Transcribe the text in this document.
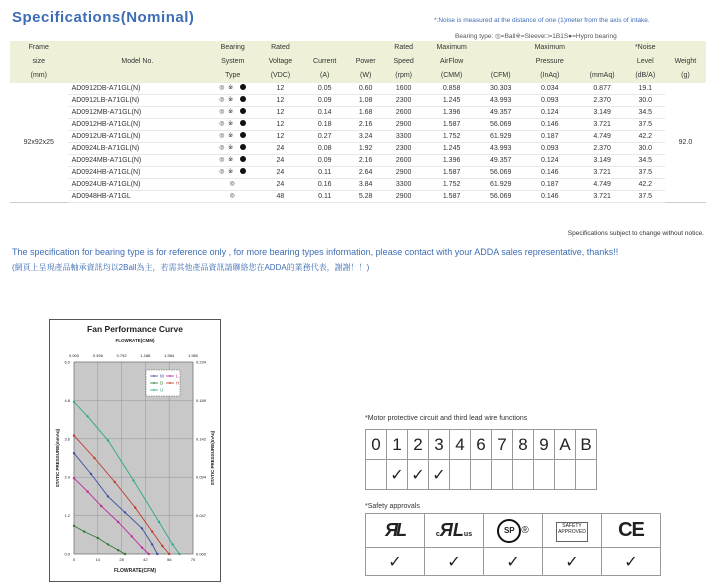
Specifications(Nominal)	*:Noise is measured at the distance of one (1)meter from the axis of intake.
Bearing type: ◎=Ball※=Sleeve□=1B1S●=Hypro bearing
Frame		Bearing	Rated			Rated	Maximum		Maximum		*Noise	
size	Model No.	System	Voltage	Current	Power	Speed	AirFlow		Pressure		Level	Weight
(mm)		Type	(VDC)	(A)	(W)	(rpm)	(CMM)	(CFM)	(InAq)	(mmAq)	(dB/A)	(g)
92x92x25	AD0912DB-A71GL(N)	◎ ※	12	0.05	0.60	1600	0.858	30.303	0.034	0.877	19.1	92.0
	AD0912LB-A71GL(N)	◎ ※	12	0.09	1.08	2300	1.245	43.993	0.093	2.370	30.0	
	AD0912MB-A71GL(N)	◎ ※	12	0.14	1.68	2600	1.396	49.357	0.124	3.149	34.5	
	AD0912HB-A71GL(N)	◎ ※	12	0.18	2.16	2900	1.587	56.069	0.146	3.721	37.5	
	AD0912UB-A71GL(N)	◎ ※	12	0.27	3.24	3300	1.752	61.929	0.187	4.749	42.2	
	AD0924LB-A71GL(N)	◎ ※	24	0.08	1.92	2300	1.245	43.993	0.093	2.370	30.0	
	AD0924MB-A71GL(N)	◎ ※	24	0.09	2.16	2600	1.396	49.357	0.124	3.149	34.5	
	AD0924HB-A71GL(N)	◎ ※	24	0.11	2.64	2900	1.587	56.069	0.146	3.721	37.5	
	AD0924UB-A71GL(N)	◎	24	0.16	3.84	3300	1.752	61.929	0.187	4.749	42.2	
	AD0948HB-A71GL	◎	48	0.11	5.28	2900	1.587	56.069	0.146	3.721	37.5	
Specifications subject to change without notice.
The specification for bearing type is for reference only , for more bearing types information, please contact with your ADDA sales representative, thanks!!
(網頁上呈現產品軸承資訊均以2Ball為主，若需其他產品資訊請聯絡您在ADDA的業務代表，謝謝！！)
Fan Performance Curve
FLOWRATE(CMM)
0
0.000
14
0.396
28
0.792
42
1.188
56
1.584
70
1.980
0.0	0.000
1.2	0.047
2.4	0.094
3.6	0.142
4.8	0.189
6.0	0.234
FLOWRATE(CFM)
STATIC PRESSURE(mmAq)	STATIC PRESSURE(InAq)
U
H
M	L
D
*Motor protective circuit and third lead wire functions
0	1	2	3	4	6	7	8	9	A	B
	✓	✓	✓							
*Safety approvals
ЯL	cЯLus	SP ®	SAFETY APPROVED	CE
✓	✓	✓	✓	✓
